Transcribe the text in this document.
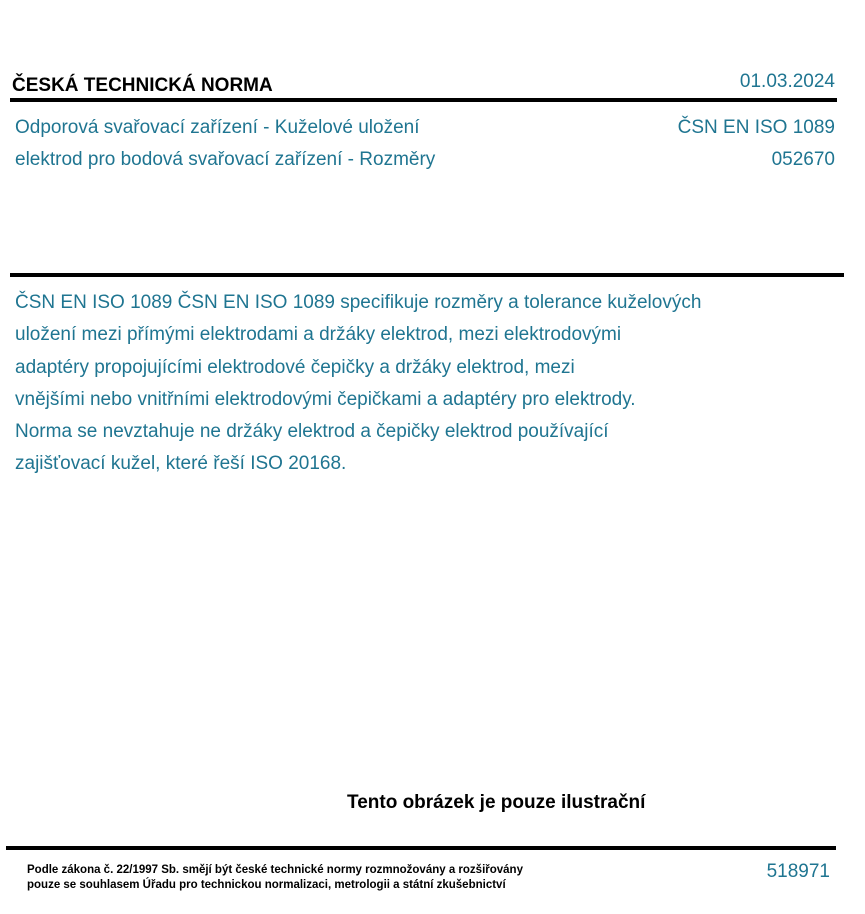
ČESKÁ TECHNICKÁ NORMA	01.03.2024
Odporová svařovací zařízení - Kuželové uložení
elektrod pro bodová svařovací zařízení - Rozměry
ČSN EN ISO 1089
052670
ČSN EN ISO 1089 ČSN EN ISO 1089 specifikuje rozměry a tolerance kuželových
uložení mezi přímými elektrodami a držáky elektrod, mezi elektrodovými
adaptéry propojujícími elektrodové čepičky a držáky elektrod, mezi
vnějšími nebo vnitřními elektrodovými čepičkami a adaptéry pro elektrody.
Norma se nevztahuje ne držáky elektrod a čepičky elektrod používající
zajišťovací kužel, které řeší ISO 20168.
Tento obrázek je pouze ilustrační
Podle zákona č. 22/1997 Sb. smějí být české technické normy rozmnožovány a rozšiřovány
pouze se souhlasem Úřadu pro technickou normalizaci, metrologii a státní zkušebnictví
518971
